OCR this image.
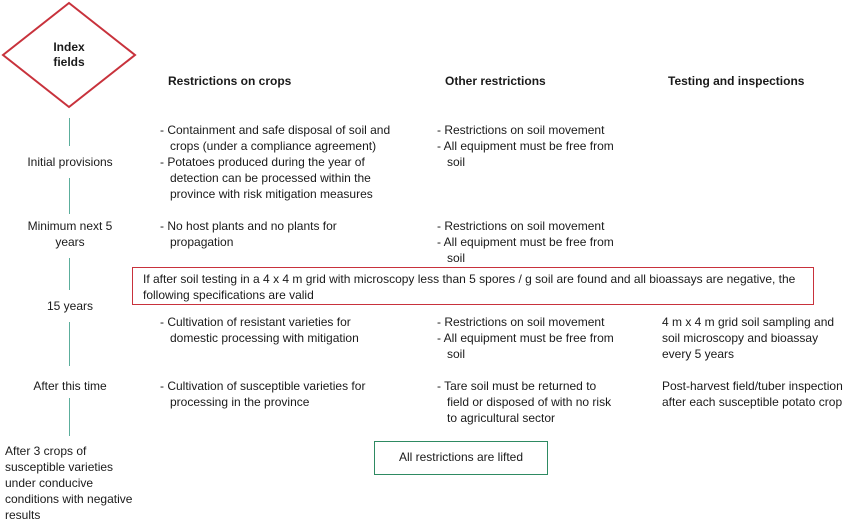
Index
fields
Restrictions on crops	Other restrictions	Testing and inspections
Initial provisions
Minimum next 5 years
15 years
After this time
After 3 crops of susceptible varieties under conducive conditions with negative results
- Containment and safe disposal of soil and crops (under a compliance agreement)
- Potatoes produced during the year of detection can be processed within the province with risk mitigation measures
- Restrictions on soil movement
- All equipment must be free from soil
- No host plants and no plants for propagation
- Restrictions on soil movement
- All equipment must be free from soil
If after soil testing in a 4 x 4 m grid with microscopy less than 5 spores / g soil are found and all bioassays are negative, the following specifications are valid
- Cultivation of resistant varieties for domestic processing with mitigation
- Restrictions on soil movement
- All equipment must be free from soil
4 m x 4 m grid soil sampling and soil microscopy and bioassay every 5 years
- Cultivation of susceptible varieties for processing in the province
- Tare soil must be returned to field or disposed of with no risk to agricultural sector
Post-harvest field/tuber inspection after each susceptible potato crop
All restrictions are lifted
